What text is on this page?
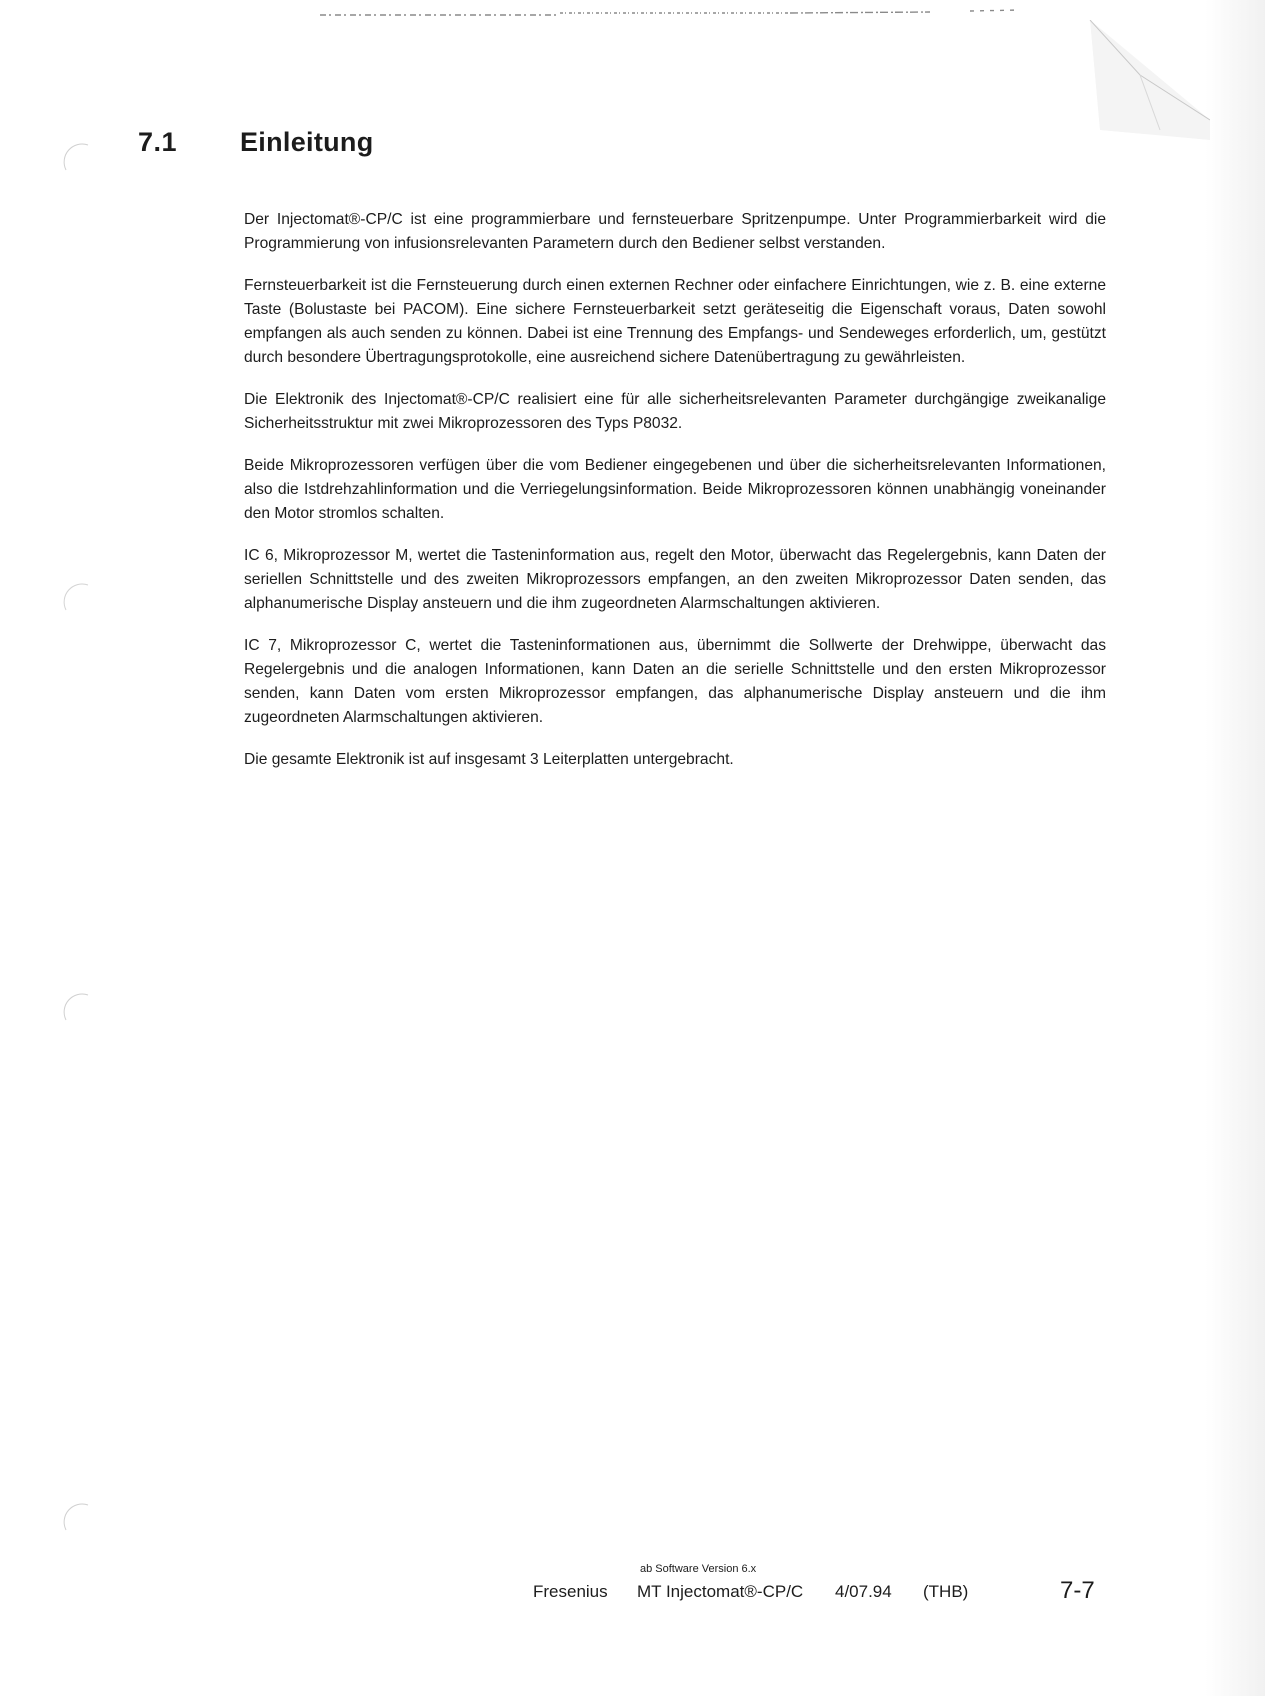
7.1 Einleitung

Der Injectomat®-CP/C ist eine programmierbare und fernsteuerbare Spritzenpumpe. Unter Programmierbarkeit wird die Programmierung von infusionsrelevanten Parametern durch den Bediener selbst verstanden.

Fernsteuerbarkeit ist die Fernsteuerung durch einen externen Rechner oder einfachere Einrichtungen, wie z. B. eine externe Taste (Bolustaste bei PACOM). Eine sichere Fernsteuerbarkeit setzt geräteseitig die Eigenschaft voraus, Daten sowohl empfangen als auch senden zu können. Dabei ist eine Trennung des Empfangs- und Sendeweges erforderlich, um, gestützt durch besondere Übertragungsprotokolle, eine ausreichend sichere Datenübertragung zu gewährleisten.

Die Elektronik des Injectomat®-CP/C realisiert eine für alle sicherheitsrelevanten Parameter durchgängige zweikanalige Sicherheitsstruktur mit zwei Mikroprozessoren des Typs P8032.

Beide Mikroprozessoren verfügen über die vom Bediener eingegebenen und über die sicherheitsrelevanten Informationen, also die Istdrehzahlinformation und die Verriegelungsinformation. Beide Mikroprozessoren können unabhängig voneinander den Motor stromlos schalten.

IC 6, Mikroprozessor M, wertet die Tasteninformation aus, regelt den Motor, überwacht das Regelergebnis, kann Daten der seriellen Schnittstelle und des zweiten Mikroprozessors empfangen, an den zweiten Mikroprozessor Daten senden, das alphanumerische Display ansteuern und die ihm zugeordneten Alarmschaltungen aktivieren.

IC 7, Mikroprozessor C, wertet die Tasteninformationen aus, übernimmt die Sollwerte der Drehwippe, überwacht das Regelergebnis und die analogen Informationen, kann Daten an die serielle Schnittstelle und den ersten Mikroprozessor senden, kann Daten vom ersten Mikroprozessor empfangen, das alphanumerische Display ansteuern und die ihm zugeordneten Alarmschaltungen aktivieren.

Die gesamte Elektronik ist auf insgesamt 3 Leiterplatten untergebracht.

ab Software Version 6.x
Fresenius MT Injectomat®-CP/C 4/07.94 (THB)	7-7
